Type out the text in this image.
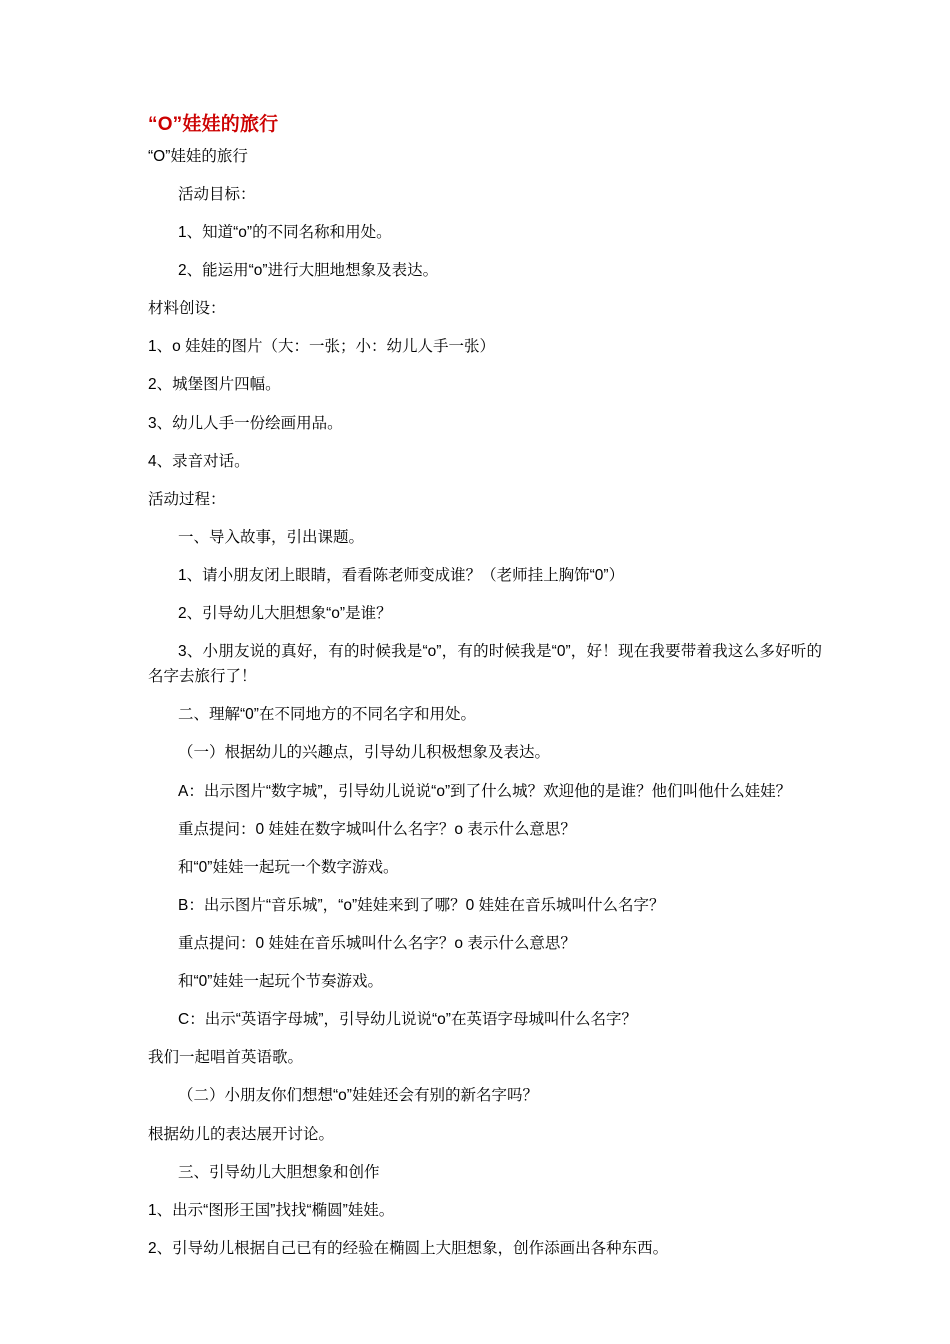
“O”娃娃的旅行
“O”娃娃的旅行

活动目标：

1、知道“o”的不同名称和用处。

2、能运用“o”进行大胆地想象及表达。

材料创设：

1、o 娃娃的图片（大：一张；小：幼儿人手一张）

2、城堡图片四幅。

3、幼儿人手一份绘画用品。

4、录音对话。

活动过程：

一、导入故事，引出课题。

1、请小朋友闭上眼睛，看看陈老师变成谁？（老师挂上胸饰“0”）

2、引导幼儿大胆想象“o”是谁？

3、小朋友说的真好，有的时候我是“o”，有的时候我是“0”，好！现在我要带着我这么多好听的名字去旅行了！

二、理解“0”在不同地方的不同名字和用处。

（一）根据幼儿的兴趣点，引导幼儿积极想象及表达。

A：出示图片“数字城”，引导幼儿说说“o”到了什么城？欢迎他的是谁？他们叫他什么娃娃？

重点提问：0 娃娃在数字城叫什么名字？o 表示什么意思？

和“0”娃娃一起玩一个数字游戏。

B：出示图片“音乐城”，“o”娃娃来到了哪？0 娃娃在音乐城叫什么名字？

重点提问：0 娃娃在音乐城叫什么名字？o 表示什么意思？

和“0”娃娃一起玩个节奏游戏。

C：出示“英语字母城”，引导幼儿说说“o”在英语字母城叫什么名字？

我们一起唱首英语歌。

（二）小朋友你们想想“o”娃娃还会有别的新名字吗？

根据幼儿的表达展开讨论。

三、引导幼儿大胆想象和创作

1、出示“图形王国”找找“椭圆”娃娃。

2、引导幼儿根据自己已有的经验在椭圆上大胆想象，创作添画出各种东西。
